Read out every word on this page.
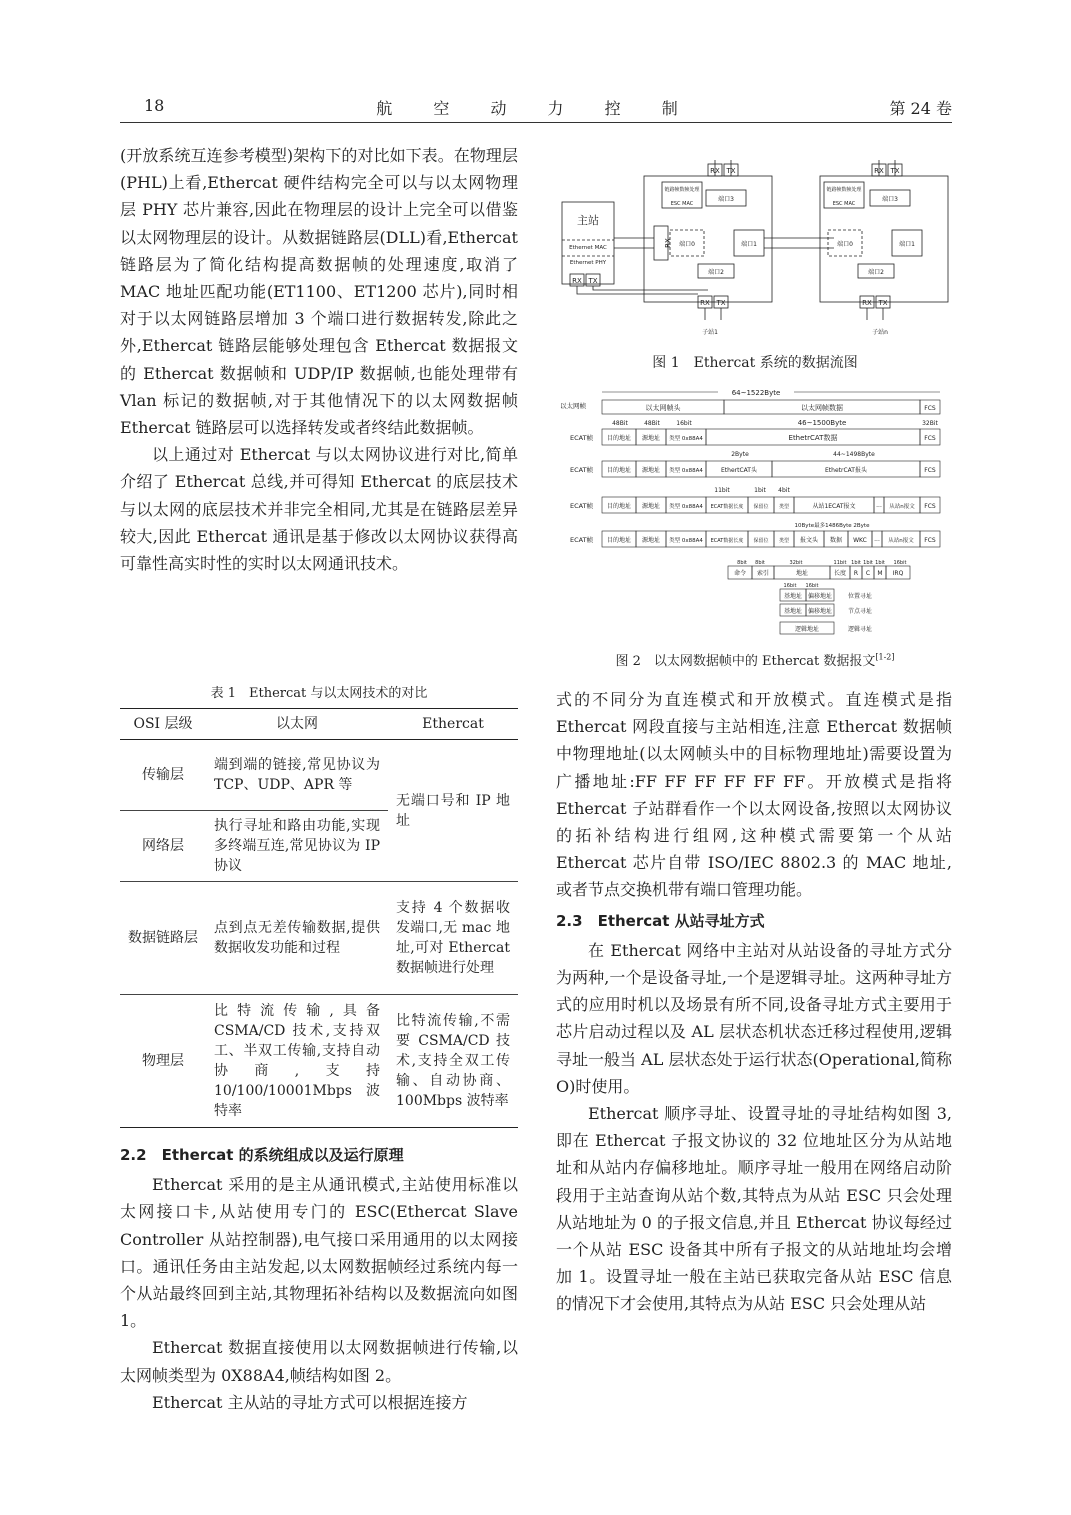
18	航 空 动 力 控 制	第 24 卷

(开放系统互连参考模型)架构下的对比如下表。在物理层(PHL)上看,Ethercat 硬件结构完全可以与以太网物理层 PHY 芯片兼容,因此在物理层的设计上完全可以借鉴以太网物理层的设计。从数据链路层(DLL)看,Ethercat 链路层为了简化结构提高数据帧的处理速度,取消了 MAC 地址匹配功能(ET1100、ET1200 芯片),同时相对于以太网链路层增加 3 个端口进行数据转发,除此之外,Ethercat 链路层能够处理包含 Ethercat 数据报文的 Ethercat 数据帧和 UDP/IP 数据帧,也能处理带有 Vlan 标记的数据帧,对于其他情况下的以太网数据帧 Ethercat 链路层可以选择转发或者终结此数据帧。

以上通过对 Ethercat 与以太网协议进行对比,简单介绍了 Ethercat 总线,并可得知 Ethercat 的底层技术与以太网的底层技术并非完全相同,尤其是在链路层差异较大,因此 Ethercat 通讯是基于修改以太网协议获得高可靠性高实时性的实时以太网通讯技术。

表 1　Ethercat 与以太网技术的对比
OSI 层级	以太网	Ethercat
传输层	端到端的链接,常见协议为 TCP、UDP、APR 等	无端口号和 IP 地址
网络层	执行寻址和路由功能,实现多终端互连,常见协议为 IP 协议	
数据链路层	点到点无差传输数据,提供数据收发功能和过程	支持 4 个数据收发端口,无 mac 地址,可对 Ethercat 数据帧进行处理
物理层	比特流传输,具备 CSMA/CD 技术,支持双工、半双工传输,支持自动协商,支持 10/100/10001Mbps 波特率	比特流传输,不需要 CSMA/CD 技术,支持全双工传输、自动协商、100Mbps 波特率

2.2　Ethercat 的系统组成以及运行原理

Ethercat 采用的是主从通讯模式,主站使用标准以太网接口卡,从站使用专门的 ESC(Ethercat Slave Controller 从站控制器),电气接口采用通用的以太网接口。通讯任务由主站发起,以太网数据帧经过系统内每一个从站最终回到主站,其物理拓补结构以及数据流向如图 1。

Ethercat 数据直接使用以太网数据帧进行传输,以太网帧类型为 0X88A4,帧结构如图 2。

Ethercat 主从站的寻址方式可以根据连接方

主站
Ethernet MAC
Ethernet PHY
RX TX
RX TX
链路帧数帧处理
ESC MAC
端口3
RX 端口0	端口1
端口2
RX TX
子站1
RX TX
链路帧数帧处理
ESC MAC
端口3
端口0	端口1
端口2
RX TX
子站n
图 1　Ethercat 系统的数据流图
64~1522Byte
以太网帧	以太网帧头	以太网帧数据	FCS
48Bit	48Bit	16bit	46~1500Byte	32Bit
ECAT帧 目的地址 源地址 类型 0x88A4	EthetrCAT数据	FCS
2Byte	44~1498Byte
ECAT帧 目的地址 源地址 类型 0x88A4	EthertCAT头	EthetrCAT报头	FCS
11bit	1bit 4bit
ECAT帧 目的地址 源地址 类型 0x88A4 ECAT数据长度 保留位 类型	从站1ECAT报文	... 从站n报文 FCS
10Byte最多1486Byte 2Byte
ECAT帧 目的地址 源地址 类型 0x88A4 ECAT数据长度 保留位 类型 报文头 数据 WKC ... 从站n报文 FCS
8bit 8bit	32bit	11bit 1bit 1bit 1bit 16bit
命令 索引	地址	长度 R C M IRQ
16bit 16bit
基地址 偏移地址	位置寻址
基地址 偏移地址	节点寻址
逻辑地址	逻辑寻址
图 2　以太网数据帧中的 Ethercat 数据报文[1-2]

式的不同分为直连模式和开放模式。直连模式是指 Ethercat 网段直接与主站相连,注意 Ethercat 数据帧中物理地址(以太网帧头中的目标物理地址)需要设置为广播地址:FF FF FF FF FF FF。开放模式是指将 Ethercat 子站群看作一个以太网设备,按照以太网协议的拓补结构进行组网,这种模式需要第一个从站 Ethercat 芯片自带 ISO/IEC 8802.3 的 MAC 地址,或者节点交换机带有端口管理功能。

2.3　Ethercat 从站寻址方式

在 Ethercat 网络中主站对从站设备的寻址方式分为两种,一个是设备寻址,一个是逻辑寻址。这两种寻址方式的应用时机以及场景有所不同,设备寻址方式主要用于芯片启动过程以及 AL 层状态机状态迁移过程使用,逻辑寻址一般当 AL 层状态处于运行状态(Operational,简称 O)时使用。

Ethercat 顺序寻址、设置寻址的寻址结构如图 3,即在 Ethercat 子报文协议的 32 位地址区分为从站地址和从站内存偏移地址。顺序寻址一般用在网络启动阶段用于主站查询从站个数,其特点为从站 ESC 只会处理从站地址为 0 的子报文信息,并且 Ethercat 协议每经过一个从站 ESC 设备其中所有子报文的从站地址均会增加 1。设置寻址一般在主站已获取完备从站 ESC 信息的情况下才会使用,其特点为从站 ESC 只会处理从站
